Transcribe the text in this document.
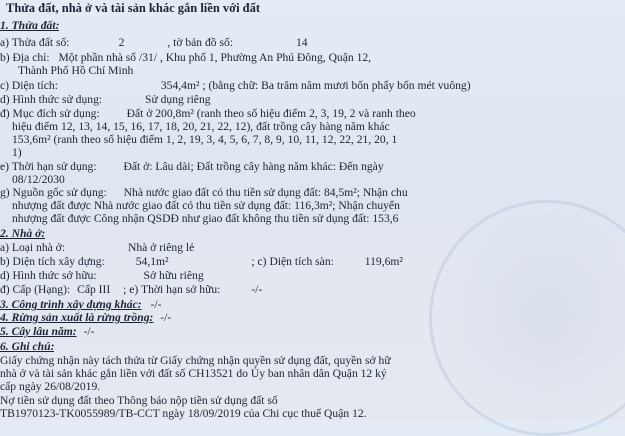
Thửa đất, nhà ở và tài sản khác gắn liền với đất
1. Thửa đất:
a) Thửa đất số:	2	, tờ bản đồ số:	14
b) Địa chỉ: Một phần nhà số /31/ , Khu phố 1, Phường An Phú Đông, Quận 12,
Thành Phố Hồ Chí Minh
c) Diện tích:	354,4m² ; (bằng chữ: Ba trăm năm mươi bốn phẩy bốn mét vuông)
d) Hình thức sử dụng:	Sử dụng riêng
đ) Mục đích sử dụng: Đất ở 200,8m² (ranh theo số hiệu điểm 2, 3, 19, 2 và ranh theo
hiệu điểm 12, 13, 14, 15, 16, 17, 18, 20, 21, 22, 12), đất trồng cây hàng năm khác
153,6m² (ranh theo số hiệu điểm 1, 2, 19, 3, 4, 5, 6, 7, 8, 9, 10, 11, 12, 22, 21, 20, 1
1)
e) Thời hạn sử dụng: Đất ở: Lâu dài; Đất trồng cây hàng năm khác: Đến ngày
08/12/2030
g) Nguồn gốc sử dụng: Nhà nước giao đất có thu tiền sử dụng đất: 84,5m²; Nhận chu
nhượng đất được Nhà nước giao đất có thu tiền sử dụng đất: 116,3m²; Nhận chuyển
nhượng đất được Công nhận QSDĐ như giao đất không thu tiền sử dụng đất: 153,6
2. Nhà ở:
a) Loại nhà ở:	Nhà ở riêng lẻ
b) Diện tích xây dựng:	54,1m²	; c) Diện tích sàn:	119,6m²
d) Hình thức sở hữu:	Sở hữu riêng
đ) Cấp (Hạng): Cấp III ; e) Thời hạn sở hữu:	-/-
3. Công trình xây dựng khác: -/-
4. Rừng sản xuất là rừng trồng: -/-
5. Cây lâu năm: -/-
6. Ghi chú:
Giấy chứng nhận này tách thửa từ Giấy chứng nhận quyền sử dụng đất, quyền sở hữ
nhà ở và tài sản khác gắn liền với đất số CH13521 do Ủy ban nhân dân Quận 12 ký
cấp ngày 26/08/2019.
Nợ tiền sử dụng đất theo Thông báo nộp tiền sử dụng đất số
TB1970123-TK0055989/TB-CCT ngày 18/09/2019 của Chi cục thuế Quận 12.
